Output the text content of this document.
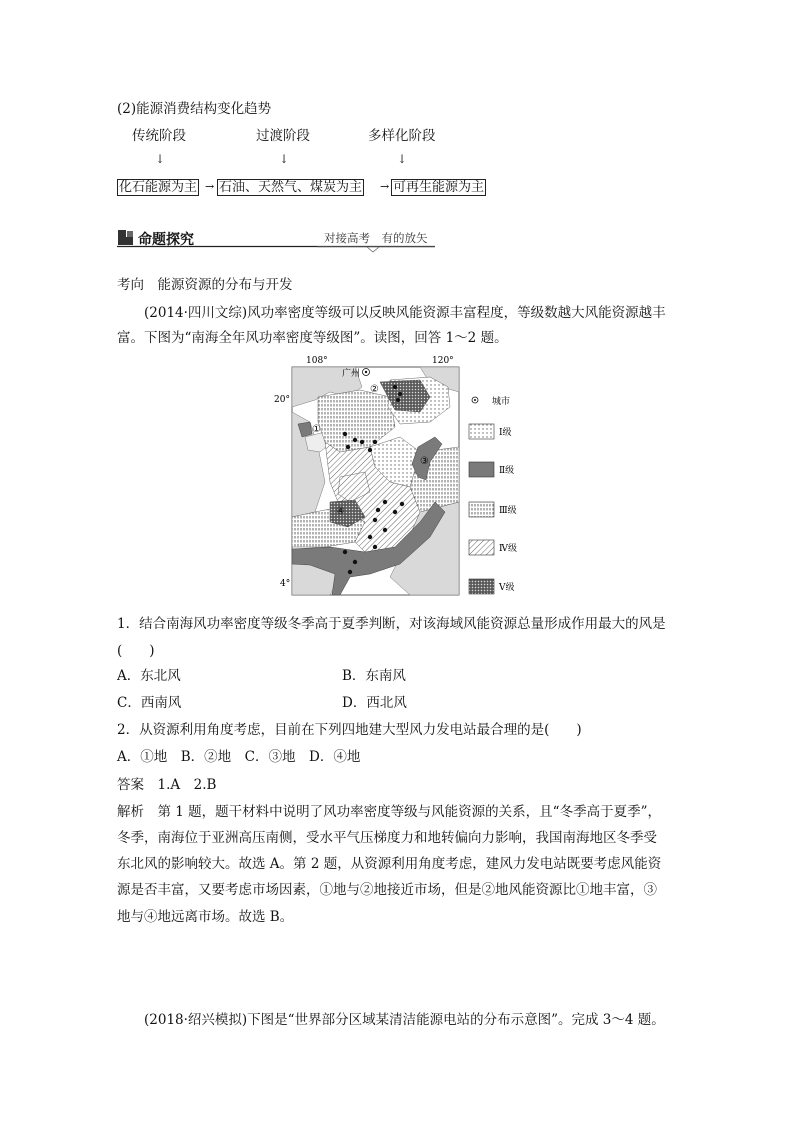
(2)能源消费结构变化趋势
传统阶段	过渡阶段	多样化阶段
↓	↓	↓
化石能源为主 → 石油、天然气、煤炭为主 → 可再生能源为主
命题探究	对接高考　有的放矢
考向　能源资源的分布与开发
(2014·四川文综)风功率密度等级可以反映风能资源丰富程度，等级数越大风能资源越丰
富。下图为“南海全年风功率密度等级图”。读图，回答 1～2 题。
108°	120°
20°
4°
广州
①
②
③
④
城市
Ⅰ级
Ⅱ级
Ⅲ级
Ⅳ级
Ⅴ级
1．结合南海风功率密度等级冬季高于夏季判断，对该海域风能资源总量形成作用最大的风是
(　　)
A．东北风	B．东南风
C．西南风	D．西北风
2．从资源利用角度考虑，目前在下列四地建大型风力发电站最合理的是(　　)
A．①地　B．②地　C．③地　D．④地
答案　1.A　2.B
解析　第 1 题，题干材料中说明了风功率密度等级与风能资源的关系，且“冬季高于夏季”，
冬季，南海位于亚洲高压南侧，受水平气压梯度力和地转偏向力影响，我国南海地区冬季受
东北风的影响较大。故选 A。第 2 题，从资源利用角度考虑，建风力发电站既要考虑风能资
源是否丰富，又要考虑市场因素，①地与②地接近市场，但是②地风能资源比①地丰富，③
地与④地远离市场。故选 B。
(2018·绍兴模拟)下图是“世界部分区域某清洁能源电站的分布示意图”。完成 3～4 题。
